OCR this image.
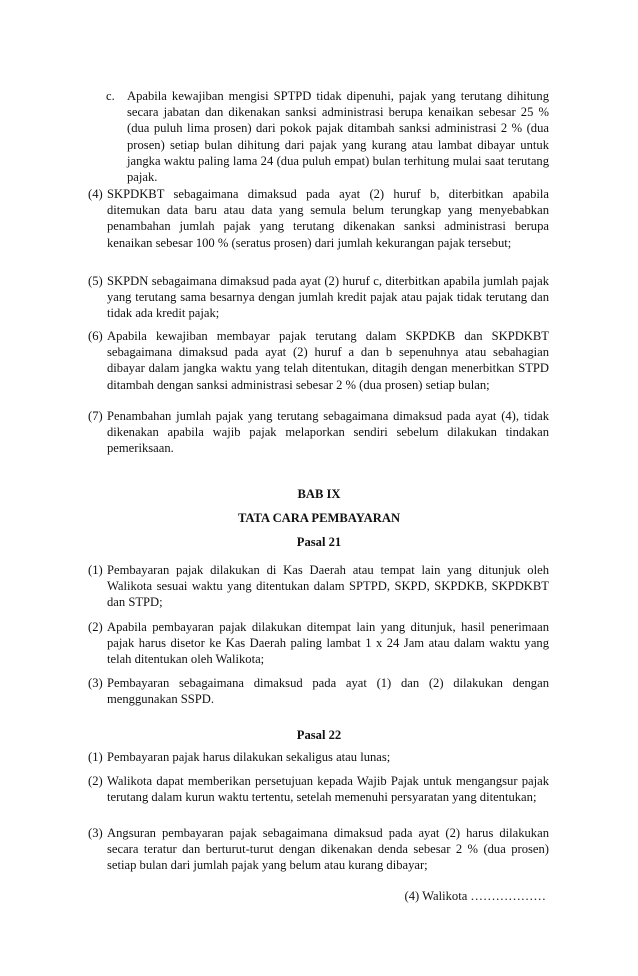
c. Apabila kewajiban mengisi SPTPD tidak dipenuhi, pajak yang terutang dihitung secara jabatan dan dikenakan sanksi administrasi berupa kenaikan sebesar 25 % (dua puluh lima prosen) dari pokok pajak ditambah sanksi administrasi 2 % (dua prosen) setiap bulan dihitung dari pajak yang kurang atau lambat dibayar untuk jangka waktu paling lama 24 (dua puluh empat) bulan terhitung mulai saat terutang pajak.
(4) SKPDKBT sebagaimana dimaksud pada ayat (2) huruf b, diterbitkan apabila ditemukan data baru atau data yang semula belum terungkap yang menyebabkan penambahan jumlah pajak yang terutang dikenakan sanksi administrasi berupa kenaikan sebesar 100 % (seratus prosen) dari jumlah kekurangan pajak tersebut;
(5) SKPDN sebagaimana dimaksud pada ayat (2) huruf c, diterbitkan apabila jumlah pajak yang terutang sama besarnya dengan jumlah kredit pajak atau pajak tidak terutang dan tidak ada kredit pajak;
(6) Apabila kewajiban membayar pajak terutang dalam SKPDKB dan SKPDKBT sebagaimana dimaksud pada ayat (2) huruf a dan b sepenuhnya atau sebahagian dibayar dalam jangka waktu yang telah ditentukan, ditagih dengan menerbitkan STPD ditambah dengan sanksi administrasi sebesar 2 % (dua prosen) setiap bulan;
(7) Penambahan jumlah pajak yang terutang sebagaimana dimaksud pada ayat (4), tidak dikenakan apabila wajib pajak melaporkan sendiri sebelum dilakukan tindakan pemeriksaan.
BAB IX
TATA CARA PEMBAYARAN
Pasal 21
(1) Pembayaran pajak dilakukan di Kas Daerah atau tempat lain yang ditunjuk oleh Walikota sesuai waktu yang ditentukan dalam SPTPD, SKPD, SKPDKB, SKPDKBT dan STPD;
(2) Apabila pembayaran pajak dilakukan ditempat lain yang ditunjuk, hasil penerimaan pajak harus disetor ke Kas Daerah paling lambat 1 x 24 Jam atau dalam waktu yang telah ditentukan oleh Walikota;
(3) Pembayaran sebagaimana dimaksud pada ayat (1) dan (2) dilakukan dengan menggunakan SSPD.
Pasal 22
(1) Pembayaran pajak harus dilakukan sekaligus atau lunas;
(2) Walikota dapat memberikan persetujuan kepada Wajib Pajak untuk mengangsur pajak terutang dalam kurun waktu tertentu, setelah memenuhi persyaratan yang ditentukan;
(3) Angsuran pembayaran pajak sebagaimana dimaksud pada ayat (2) harus dilakukan secara teratur dan berturut-turut dengan dikenakan denda sebesar 2 % (dua prosen) setiap bulan dari jumlah pajak yang belum atau kurang dibayar;
(4) Walikota ………………
